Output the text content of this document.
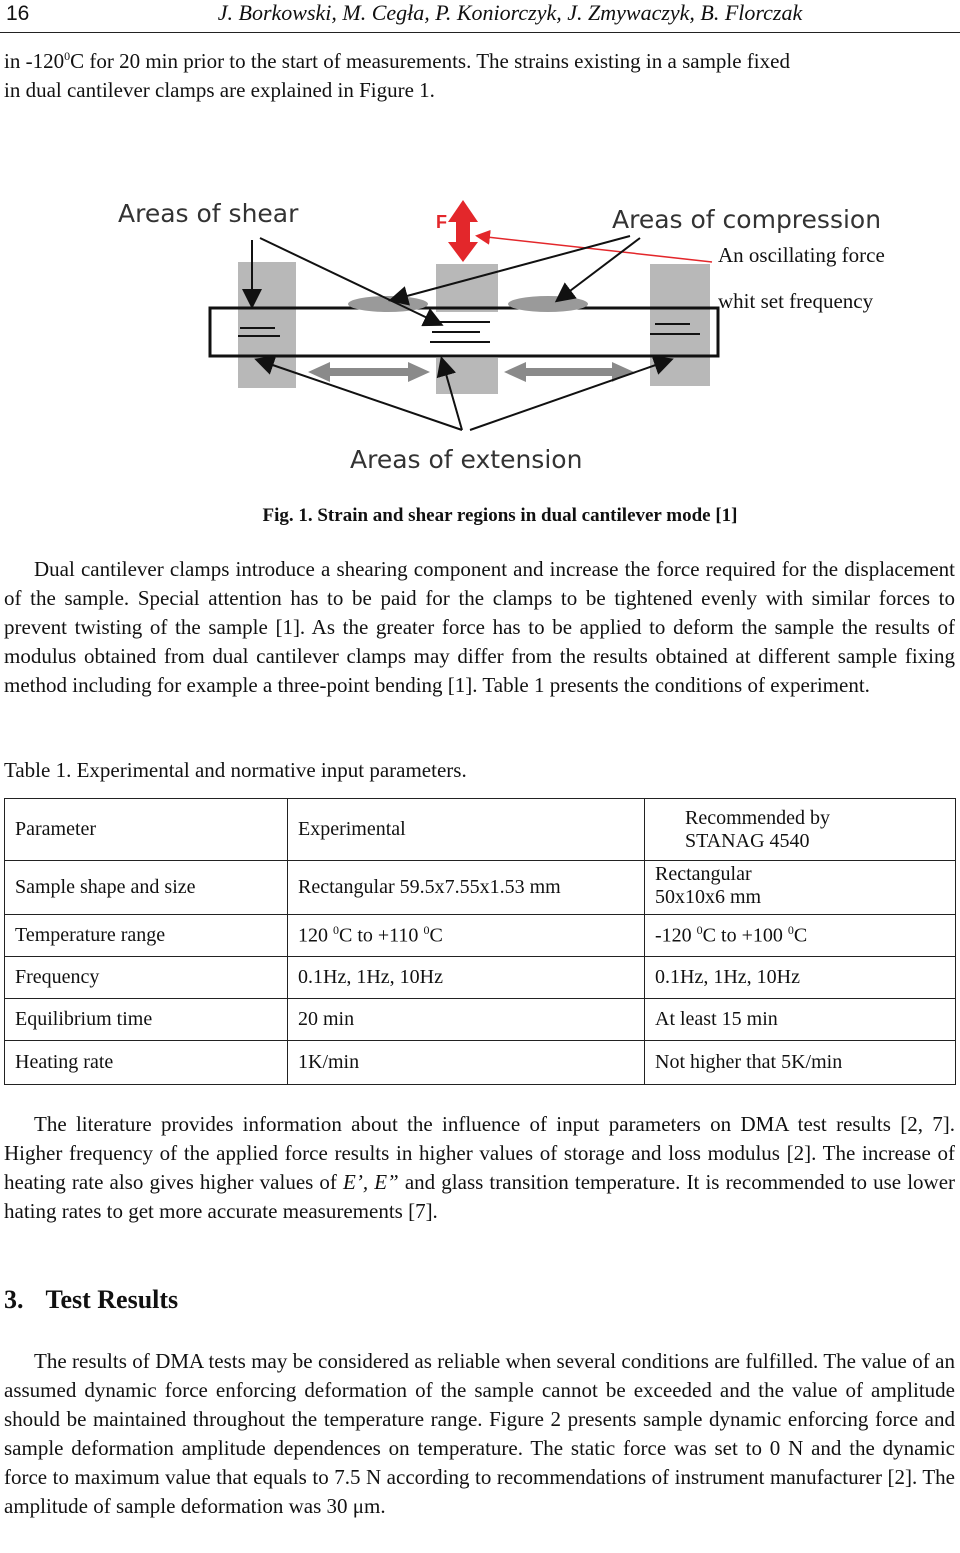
16	J. Borkowski, M. Cegła, P. Koniorczyk, J. Zmywaczyk, B. Florczak
in $-120^0C$ for 20 min prior to the start of measurements. The strains existing in a sample fixed
in dual cantilever clamps are explained in Figure 1.
F
Areas of shear	Areas of compression
An oscillating force
whit set frequency
Areas of extension
Fig. 1. Strain and shear regions in dual cantilever mode [1]
Dual cantilever clamps introduce a shearing component and increase the force required for the displacement of the sample. Special attention has to be paid for the clamps to be tightened evenly with similar forces to prevent twisting of the sample [1]. As the greater force has to be applied to deform the sample the results of modulus obtained from dual cantilever clamps may differ from the results obtained at different sample fixing method including for example a three-point bending [1]. Table 1 presents the conditions of experiment.
Table 1. Experimental and normative input parameters.
Parameter	Experimental	Recommended by
STANAG 4540
Sample shape and size	Rectangular 59.5x7.55x1.53 mm	Rectangular
50x10x6 mm
Temperature range	120 $^0$C to +110 $^0$C	-120 $^0$C to +100 $^0$C
Frequency	0.1Hz, 1Hz, 10Hz	0.1Hz, 1Hz, 10Hz
Equilibrium time	20 min	At least 15 min
Heating rate	1K/min	Not higher that 5K/min
The literature provides information about the influence of input parameters on DMA test results [2, 7]. Higher frequency of the applied force results in higher values of storage and loss modulus [2]. The increase of heating rate also gives higher values of E’, E” and glass transition temperature. It is recommended to use lower hating rates to get more accurate measurements [7].
3. Test Results
The results of DMA tests may be considered as reliable when several conditions are fulfilled. The value of an assumed dynamic force enforcing deformation of the sample cannot be exceeded and the value of amplitude should be maintained throughout the temperature range. Figure 2 presents sample dynamic enforcing force and sample deformation amplitude dependences on temperature. The static force was set to 0 N and the dynamic force to maximum value that equals to 7.5 N according to recommendations of instrument manufacturer [2]. The amplitude of sample deformation was 30 μm.
